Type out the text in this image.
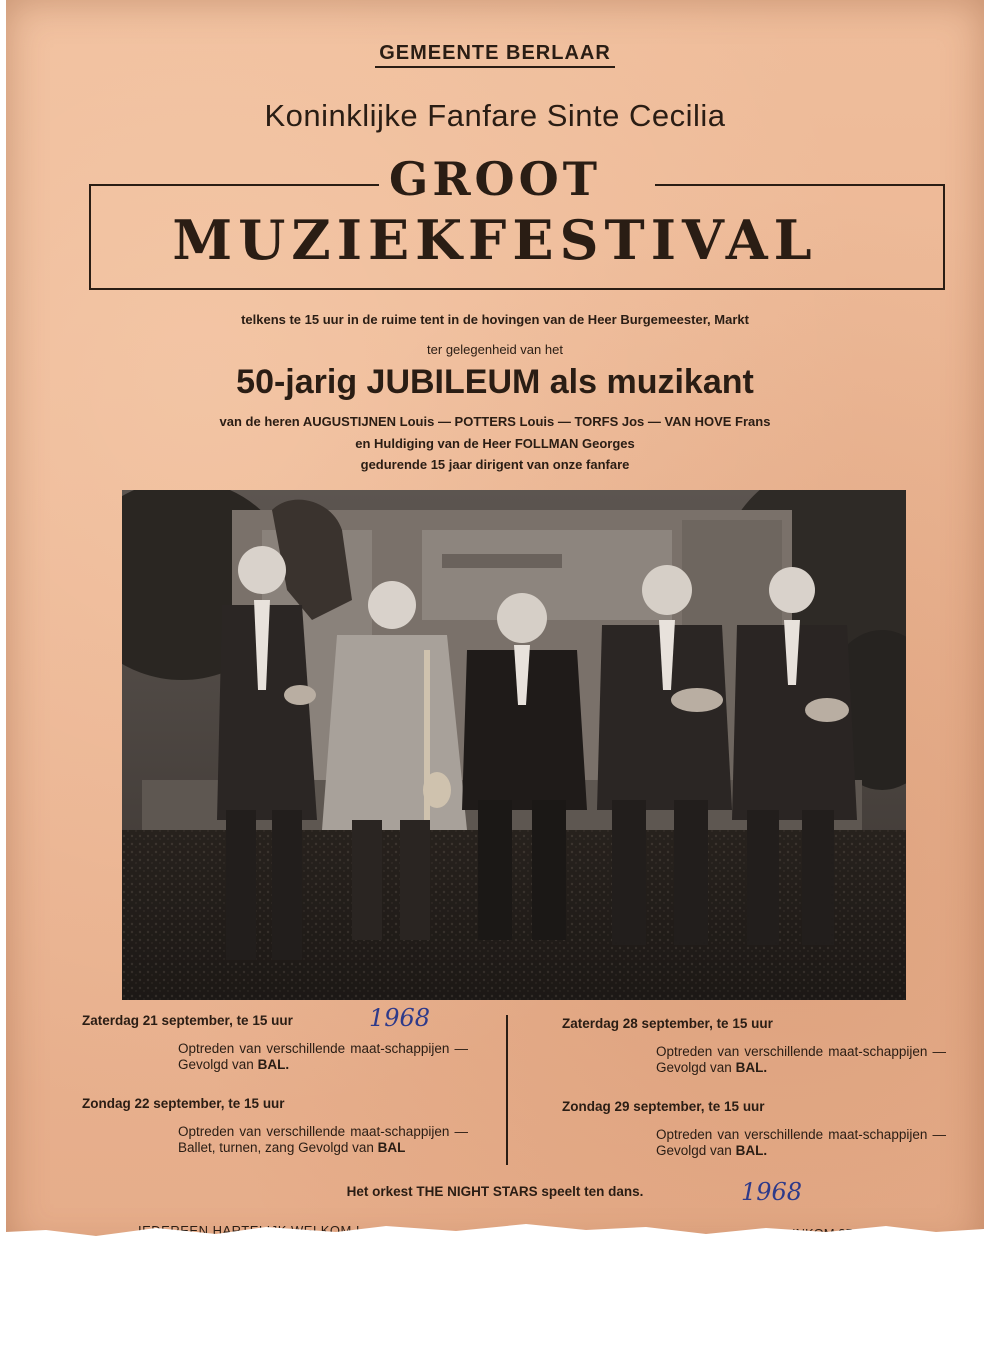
GEMEENTE BERLAAR
Koninklijke Fanfare Sinte Cecilia
GROOT
MUZIEKFESTIVAL
telkens te 15 uur in de ruime tent in de hovingen van de Heer Burgemeester, Markt
ter gelegenheid van het
50-jarig JUBILEUM als muzikant
van de heren AUGUSTIJNEN Louis — POTTERS Louis — TORFS Jos — VAN HOVE Frans
en Huldiging van de Heer FOLLMAN Georges
gedurende 15 jaar dirigent van onze fanfare
Zaterdag 21 september, te 15 uur
Optreden van verschillende maat-schappijen — Gevolgd van BAL.
Zondag 22 september, te 15 uur
Optreden van verschillende maat-schappijen — Ballet, turnen, zang Gevolgd van BAL
Zaterdag 28 september, te 15 uur
Optreden van verschillende maat-schappijen — Gevolgd van BAL.
Zondag 29 september, te 15 uur
Optreden van verschillende maat-schappijen — Gevolgd van BAL.
1968
1968
Het orkest THE NIGHT STARS speelt ten dans.
